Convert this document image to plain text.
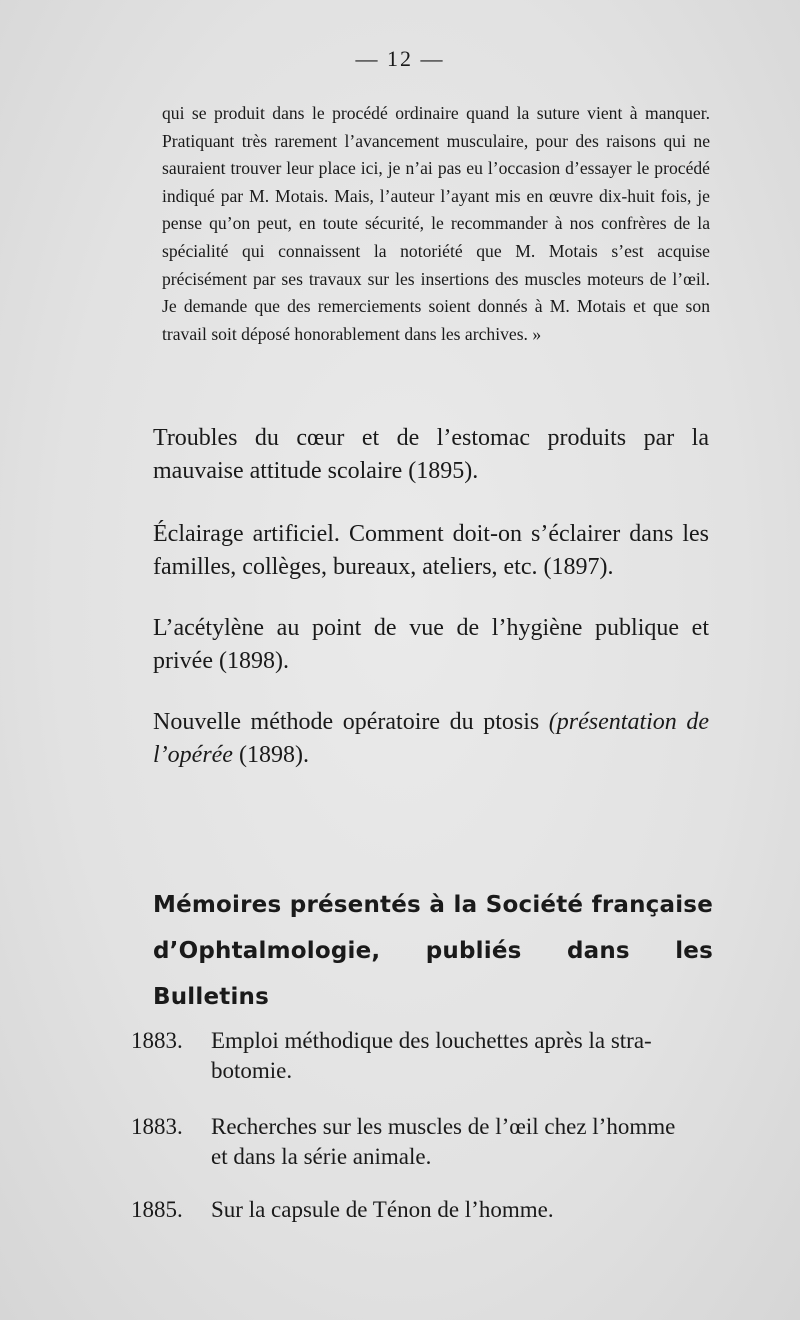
— 12 —
qui se produit dans le procédé ordinaire quand la suture vient à manquer. Pratiquant très rarement l’avancement musculaire, pour des raisons qui ne sauraient trouver leur place ici, je n’ai pas eu l’occasion d’essayer le procédé indiqué par M. Motais. Mais, l’auteur l’ayant mis en œuvre dix-huit fois, je pense qu’on peut, en toute sécurité, le recommander à nos confrères de la spécialité qui connaissent la notoriété que M. Motais s’est acquise précisément par ses travaux sur les insertions des muscles moteurs de l’œil. Je demande que des remerciements soient donnés à M. Motais et que son travail soit déposé honorablement dans les archives. »
Troubles du cœur et de l’estomac produits par la mauvaise attitude scolaire (1895).
Éclairage artificiel. Comment doit-on s’éclairer dans les familles, collèges, bureaux, ateliers, etc. (1897).
L’acétylène au point de vue de l’hygiène publique et privée (1898).
Nouvelle méthode opératoire du ptosis (présentation de l’opérée (1898).
Mémoires présentés à la Société française d’Ophtalmologie, publiés dans les Bulletins
1883.	Emploi méthodique des louchettes après la stra-
botomie.
1883.	Recherches sur les muscles de l’œil chez l’homme
et dans la série animale.
1885.	Sur la capsule de Ténon de l’homme.
